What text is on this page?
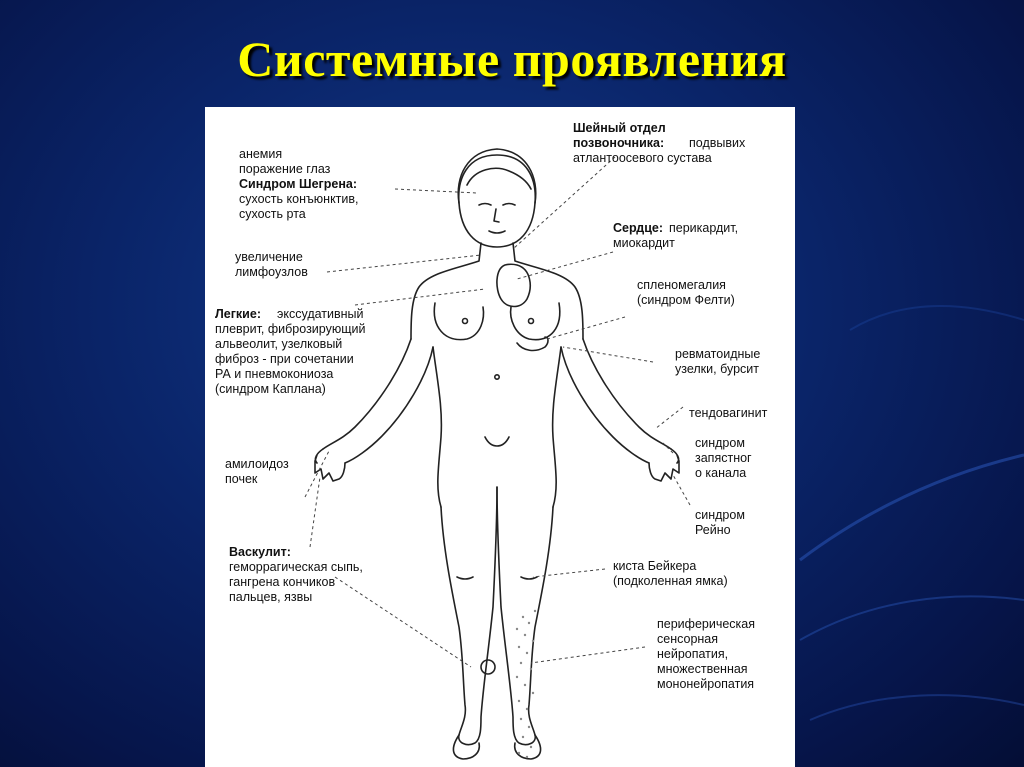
Системные проявления
анемия
поражение глаз
Синдром Шегрена:
сухость конъюнктив,
сухость рта
увеличение
лимфоузлов
Легкие:	экссудативный
плеврит, фиброзирующий
альвеолит, узелковый
фиброз - при сочетании
РА и пневмокониоза
(синдром Каплана)
амилоидоз
почек
Васкулит:
геморрагическая сыпь,
гангрена кончиков
пальцев, язвы
Шейный отдел
позвоночника:	подвывих
атлантоосевого сустава
Сердце: перикардит,
миокардит
спленомегалия
(синдром Фелти)
ревматоидные
узелки, бурсит
тендовагинит
синдром
запястног
о канала
синдром
Рейно
киста Бейкера
(подколенная ямка)
периферическая
сенсорная
нейропатия,
множественная
мононейропатия
